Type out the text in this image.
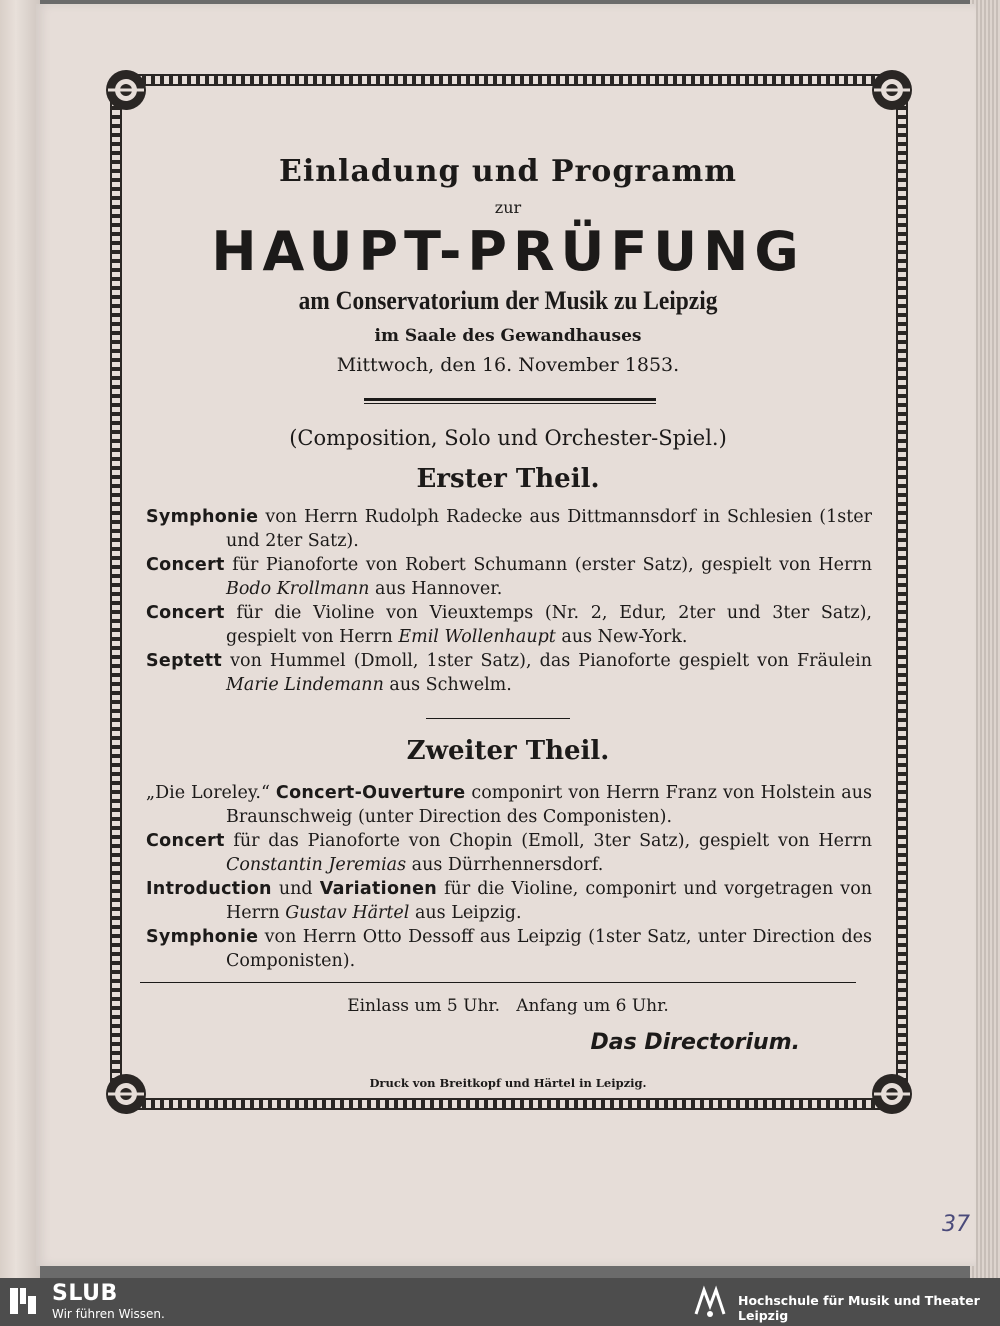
Einladung und Programm
zur
HAUPT-PRÜFUNG
am Conservatorium der Musik zu Leipzig
im Saale des Gewandhauses
Mittwoch, den 16. November 1853.
(Composition, Solo und Orchester-Spiel.)
Erster Theil.
Symphonie von Herrn Rudolph Radecke aus Dittmannsdorf in Schlesien (1ster und 2ter Satz).
Concert für Pianoforte von Robert Schumann (erster Satz), gespielt von Herrn Bodo Krollmann aus Hannover.
Concert für die Violine von Vieuxtemps (Nr. 2, Edur, 2ter und 3ter Satz), gespielt von Herrn Emil Wollenhaupt aus New-York.
Septett von Hummel (Dmoll, 1ster Satz), das Pianoforte gespielt von Fräulein Marie Lindemann aus Schwelm.
Zweiter Theil.
„Die Loreley.“ Concert-Ouverture componirt von Herrn Franz von Holstein aus Braunschweig (unter Direction des Componisten).
Concert für das Pianoforte von Chopin (Emoll, 3ter Satz), gespielt von Herrn Constantin Jeremias aus Dürrhennersdorf.
Introduction und Variationen für die Violine, componirt und vorgetragen von Herrn Gustav Härtel aus Leipzig.
Symphonie von Herrn Otto Dessoff aus Leipzig (1ster Satz, unter Direction des Componisten).
Einlass um 5 Uhr.   Anfang um 6 Uhr.
Das Directorium.
Druck von Breitkopf und Härtel in Leipzig.
37
SLUB
Wir führen Wissen.
Hochschule für Musik und Theater Leipzig
